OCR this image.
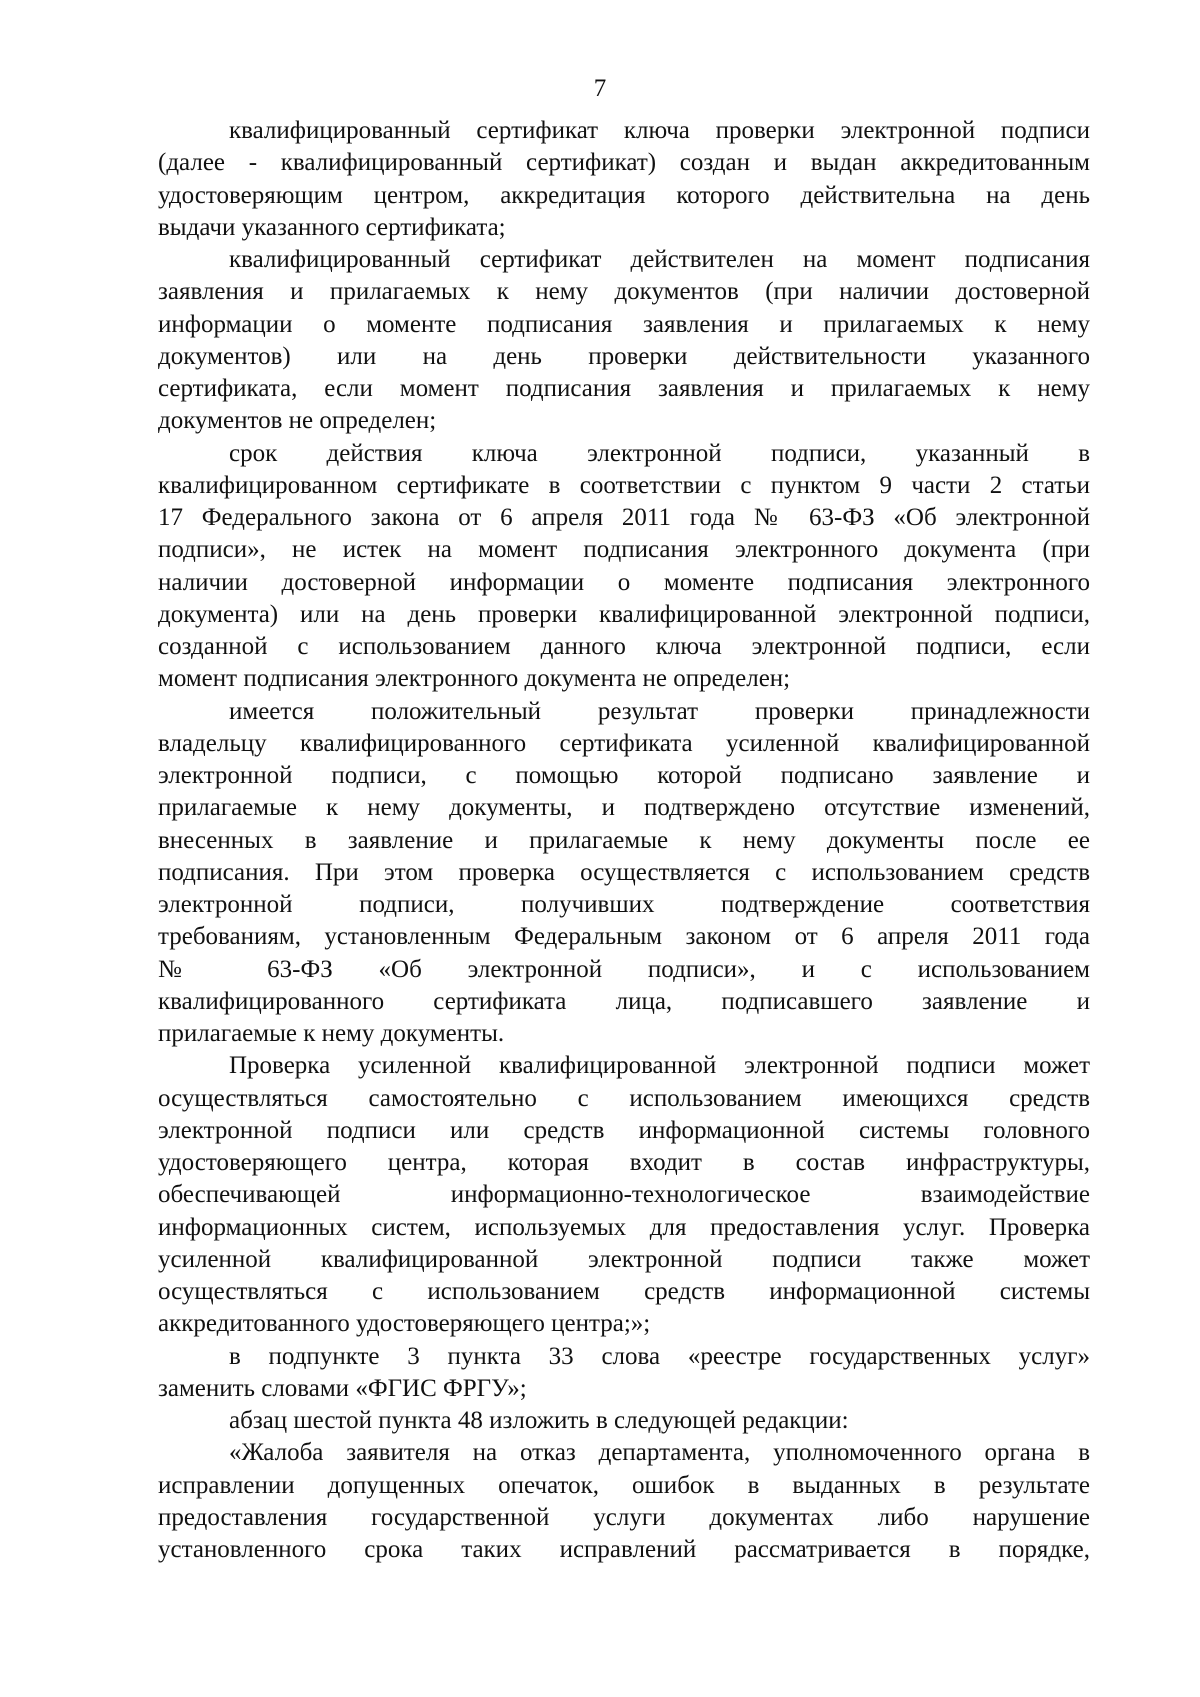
7
квалифицированный сертификат ключа проверки электронной подписи
(далее - квалифицированный сертификат) создан и выдан аккредитованным
удостоверяющим центром, аккредитация которого действительна на день
выдачи указанного сертификата;
квалифицированный сертификат действителен на момент подписания
заявления и прилагаемых к нему документов (при наличии достоверной
информации о моменте подписания заявления и прилагаемых к нему
документов) или на день проверки действительности указанного
сертификата, если момент подписания заявления и прилагаемых к нему
документов не определен;
срок действия ключа электронной подписи, указанный в
квалифицированном сертификате в соответствии с пунктом 9 части 2 статьи
17 Федерального закона от 6 апреля 2011 года № 63-ФЗ «Об электронной
подписи», не истек на момент подписания электронного документа (при
наличии достоверной информации о моменте подписания электронного
документа) или на день проверки квалифицированной электронной подписи,
созданной с использованием данного ключа электронной подписи, если
момент подписания электронного документа не определен;
имеется положительный результат проверки принадлежности
владельцу квалифицированного сертификата усиленной квалифицированной
электронной подписи, с помощью которой подписано заявление и
прилагаемые к нему документы, и подтверждено отсутствие изменений,
внесенных в заявление и прилагаемые к нему документы после ее
подписания. При этом проверка осуществляется с использованием средств
электронной подписи, получивших подтверждение соответствия
требованиям, установленным Федеральным законом от 6 апреля 2011 года
№ 63-ФЗ «Об электронной подписи», и с использованием
квалифицированного сертификата лица, подписавшего заявление и
прилагаемые к нему документы.
Проверка усиленной квалифицированной электронной подписи может
осуществляться самостоятельно с использованием имеющихся средств
электронной подписи или средств информационной системы головного
удостоверяющего центра, которая входит в состав инфраструктуры,
обеспечивающей информационно-технологическое взаимодействие
информационных систем, используемых для предоставления услуг. Проверка
усиленной квалифицированной электронной подписи также может
осуществляться с использованием средств информационной системы
аккредитованного удостоверяющего центра;»;
в подпункте 3 пункта 33 слова «реестре государственных услуг»
заменить словами «ФГИС ФРГУ»;
абзац шестой пункта 48 изложить в следующей редакции:
«Жалоба заявителя на отказ департамента, уполномоченного органа в
исправлении допущенных опечаток, ошибок в выданных в результате
предоставления государственной услуги документах либо нарушение
установленного срока таких исправлений рассматривается в порядке,
